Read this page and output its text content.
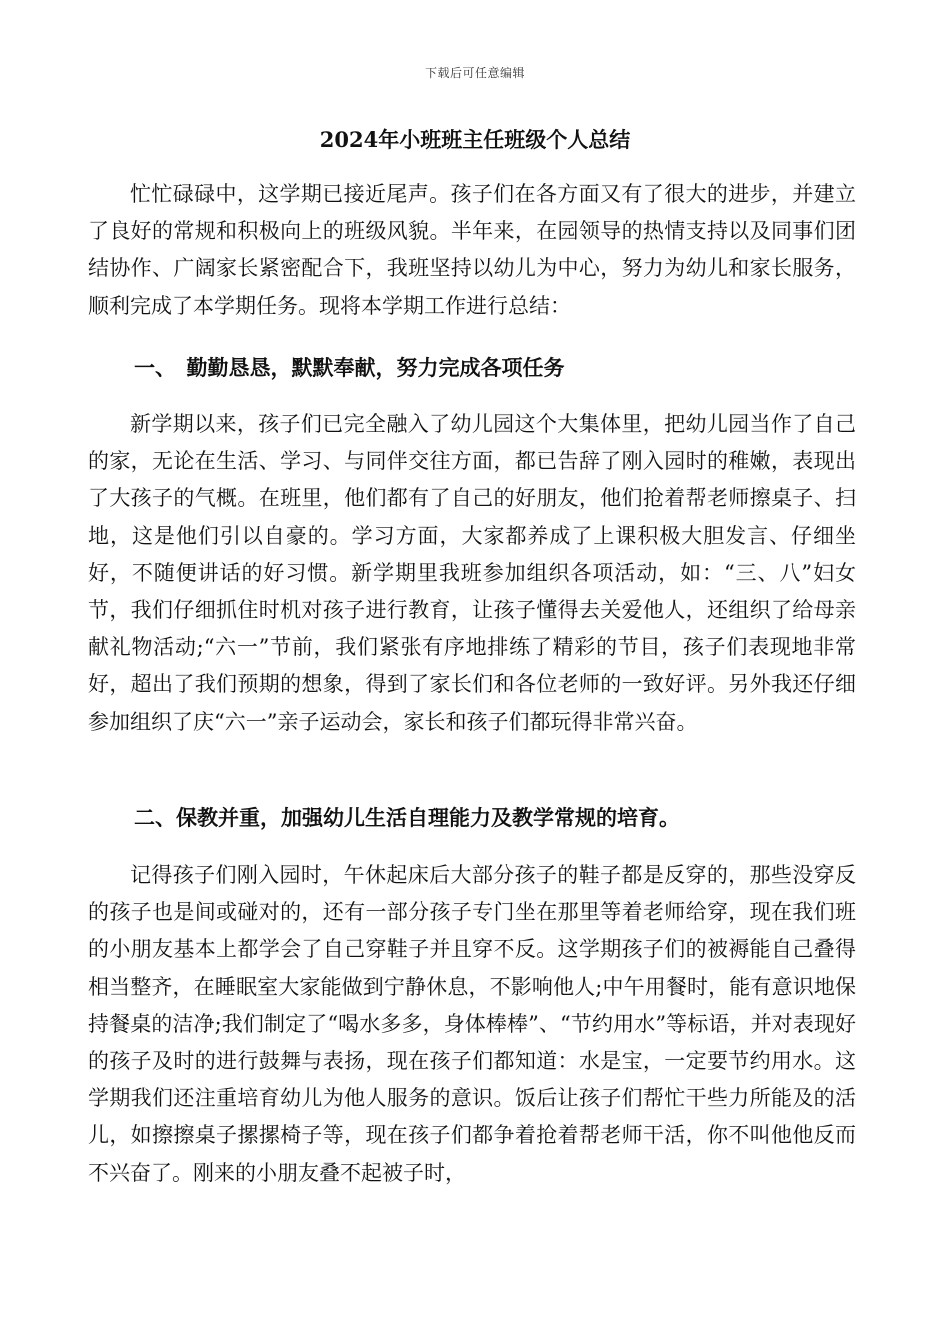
下载后可任意编辑
2024年小班班主任班级个人总结

忙忙碌碌中，这学期已接近尾声。孩子们在各方面又有了很大的进步，并建立了良好的常规和积极向上的班级风貌。半年来，在园领导的热情支持以及同事们团结协作、广阔家长紧密配合下，我班坚持以幼儿为中心，努力为幼儿和家长服务，顺利完成了本学期任务。现将本学期工作进行总结：

一、　勤勤恳恳，默默奉献，努力完成各项任务

新学期以来，孩子们已完全融入了幼儿园这个大集体里，把幼儿园当作了自己的家，无论在生活、学习、与同伴交往方面，都已告辞了刚入园时的稚嫩，表现出了大孩子的气概。在班里，他们都有了自己的好朋友，他们抢着帮老师擦桌子、扫地，这是他们引以自豪的。学习方面，大家都养成了上课积极大胆发言、仔细坐好，不随便讲话的好习惯。新学期里我班参加组织各项活动，如：“三、八”妇女节，我们仔细抓住时机对孩子进行教育，让孩子懂得去关爱他人，还组织了给母亲献礼物活动;“六一”节前，我们紧张有序地排练了精彩的节目，孩子们表现地非常好，超出了我们预期的想象，得到了家长们和各位老师的一致好评。另外我还仔细参加组织了庆“六一”亲子运动会，家长和孩子们都玩得非常兴奋。

二、保教并重，加强幼儿生活自理能力及教学常规的培育。

记得孩子们刚入园时，午休起床后大部分孩子的鞋子都是反穿的，那些没穿反的孩子也是间或碰对的，还有一部分孩子专门坐在那里等着老师给穿，现在我们班的小朋友基本上都学会了自己穿鞋子并且穿不反。这学期孩子们的被褥能自己叠得相当整齐，在睡眠室大家能做到宁静休息，不影响他人;中午用餐时，能有意识地保持餐桌的洁净;我们制定了“喝水多多，身体棒棒”、“节约用水”等标语，并对表现好的孩子及时的进行鼓舞与表扬，现在孩子们都知道：水是宝，一定要节约用水。这学期我们还注重培育幼儿为他人服务的意识。饭后让孩子们帮忙干些力所能及的活儿，如擦擦桌子摞摞椅子等，现在孩子们都争着抢着帮老师干活，你不叫他他反而不兴奋了。刚来的小朋友叠不起被子时，
